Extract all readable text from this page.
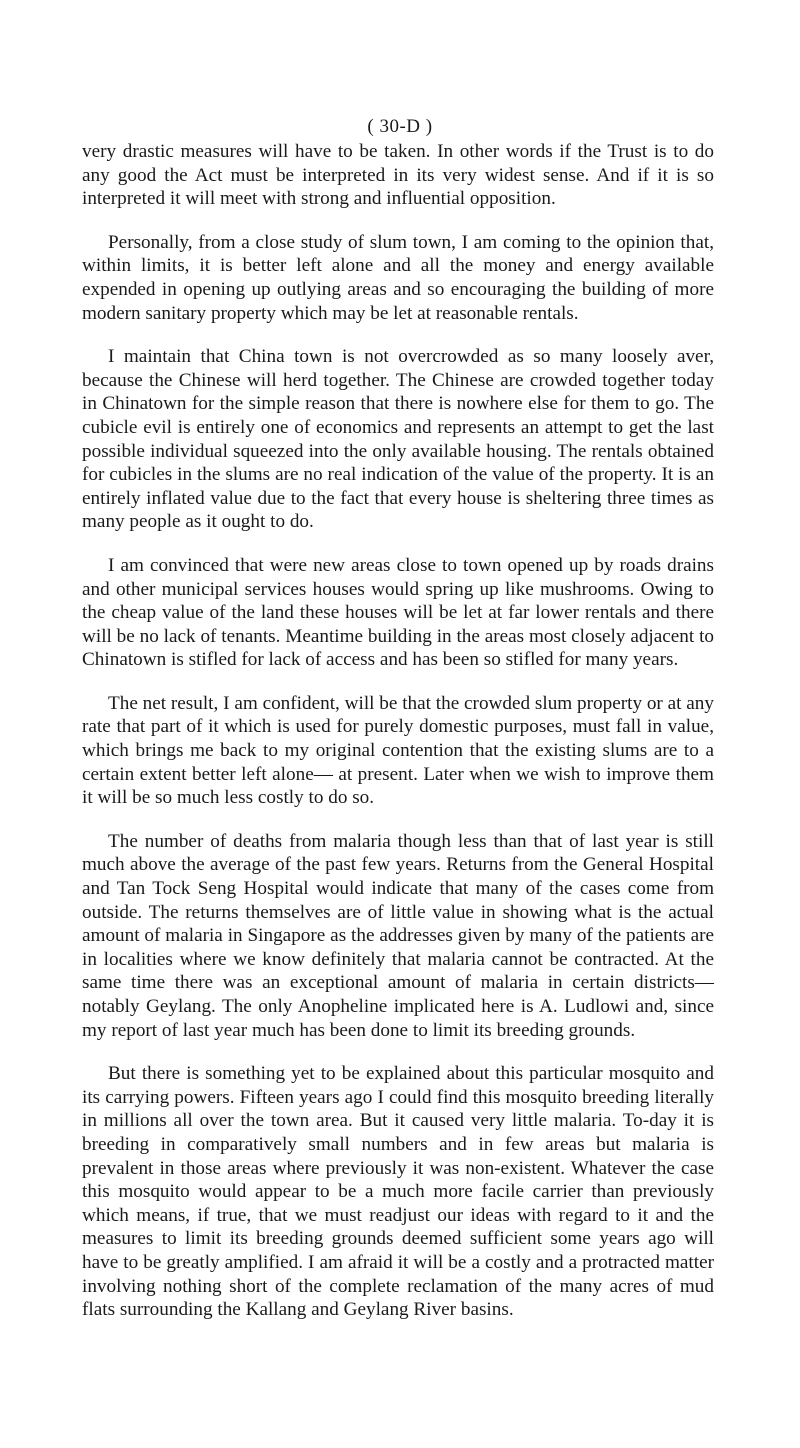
( 30-D )

very drastic measures will have to be taken. In other words if the Trust is to do any good the Act must be interpreted in its very widest sense. And if it is so interpreted it will meet with strong and influential opposition.

Personally, from a close study of slum town, I am coming to the opinion that, within limits, it is better left alone and all the money and energy available expended in opening up outlying areas and so encouraging the building of more modern sanitary property which may be let at reasonable rentals.

I maintain that China town is not overcrowded as so many loosely aver, because the Chinese will herd together. The Chinese are crowded together today in Chinatown for the simple reason that there is nowhere else for them to go. The cubicle evil is entirely one of economics and represents an attempt to get the last possible individual squeezed into the only available housing. The rentals obtained for cubicles in the slums are no real indication of the value of the property. It is an entirely inflated value due to the fact that every house is sheltering three times as many people as it ought to do.

I am convinced that were new areas close to town opened up by roads drains and other municipal services houses would spring up like mushrooms. Owing to the cheap value of the land these houses will be let at far lower rentals and there will be no lack of tenants. Meantime building in the areas most closely adjacent to Chinatown is stifled for lack of access and has been so stifled for many years.

The net result, I am confident, will be that the crowded slum property or at any rate that part of it which is used for purely domestic purposes, must fall in value, which brings me back to my original contention that the existing slums are to a certain extent better left alone— at present. Later when we wish to improve them it will be so much less costly to do so.

The number of deaths from malaria though less than that of last year is still much above the average of the past few years. Returns from the General Hospital and Tan Tock Seng Hospital would indicate that many of the cases come from outside. The returns themselves are of little value in showing what is the actual amount of malaria in Singapore as the addresses given by many of the patients are in localities where we know definitely that malaria cannot be contracted. At the same time there was an exceptional amount of malaria in certain districts—notably Geylang. The only Anopheline implicated here is A. Ludlowi and, since my report of last year much has been done to limit its breeding grounds.

But there is something yet to be explained about this particular mosquito and its carrying powers. Fifteen years ago I could find this mosquito breeding literally in millions all over the town area. But it caused very little malaria. To-day it is breeding in comparatively small numbers and in few areas but malaria is prevalent in those areas where previously it was non-existent. Whatever the case this mosquito would appear to be a much more facile carrier than previously which means, if true, that we must readjust our ideas with regard to it and the measures to limit its breeding grounds deemed sufficient some years ago will have to be greatly amplified. I am afraid it will be a costly and a protracted matter involving nothing short of the complete reclamation of the many acres of mud flats surrounding the Kallang and Geylang River basins.
